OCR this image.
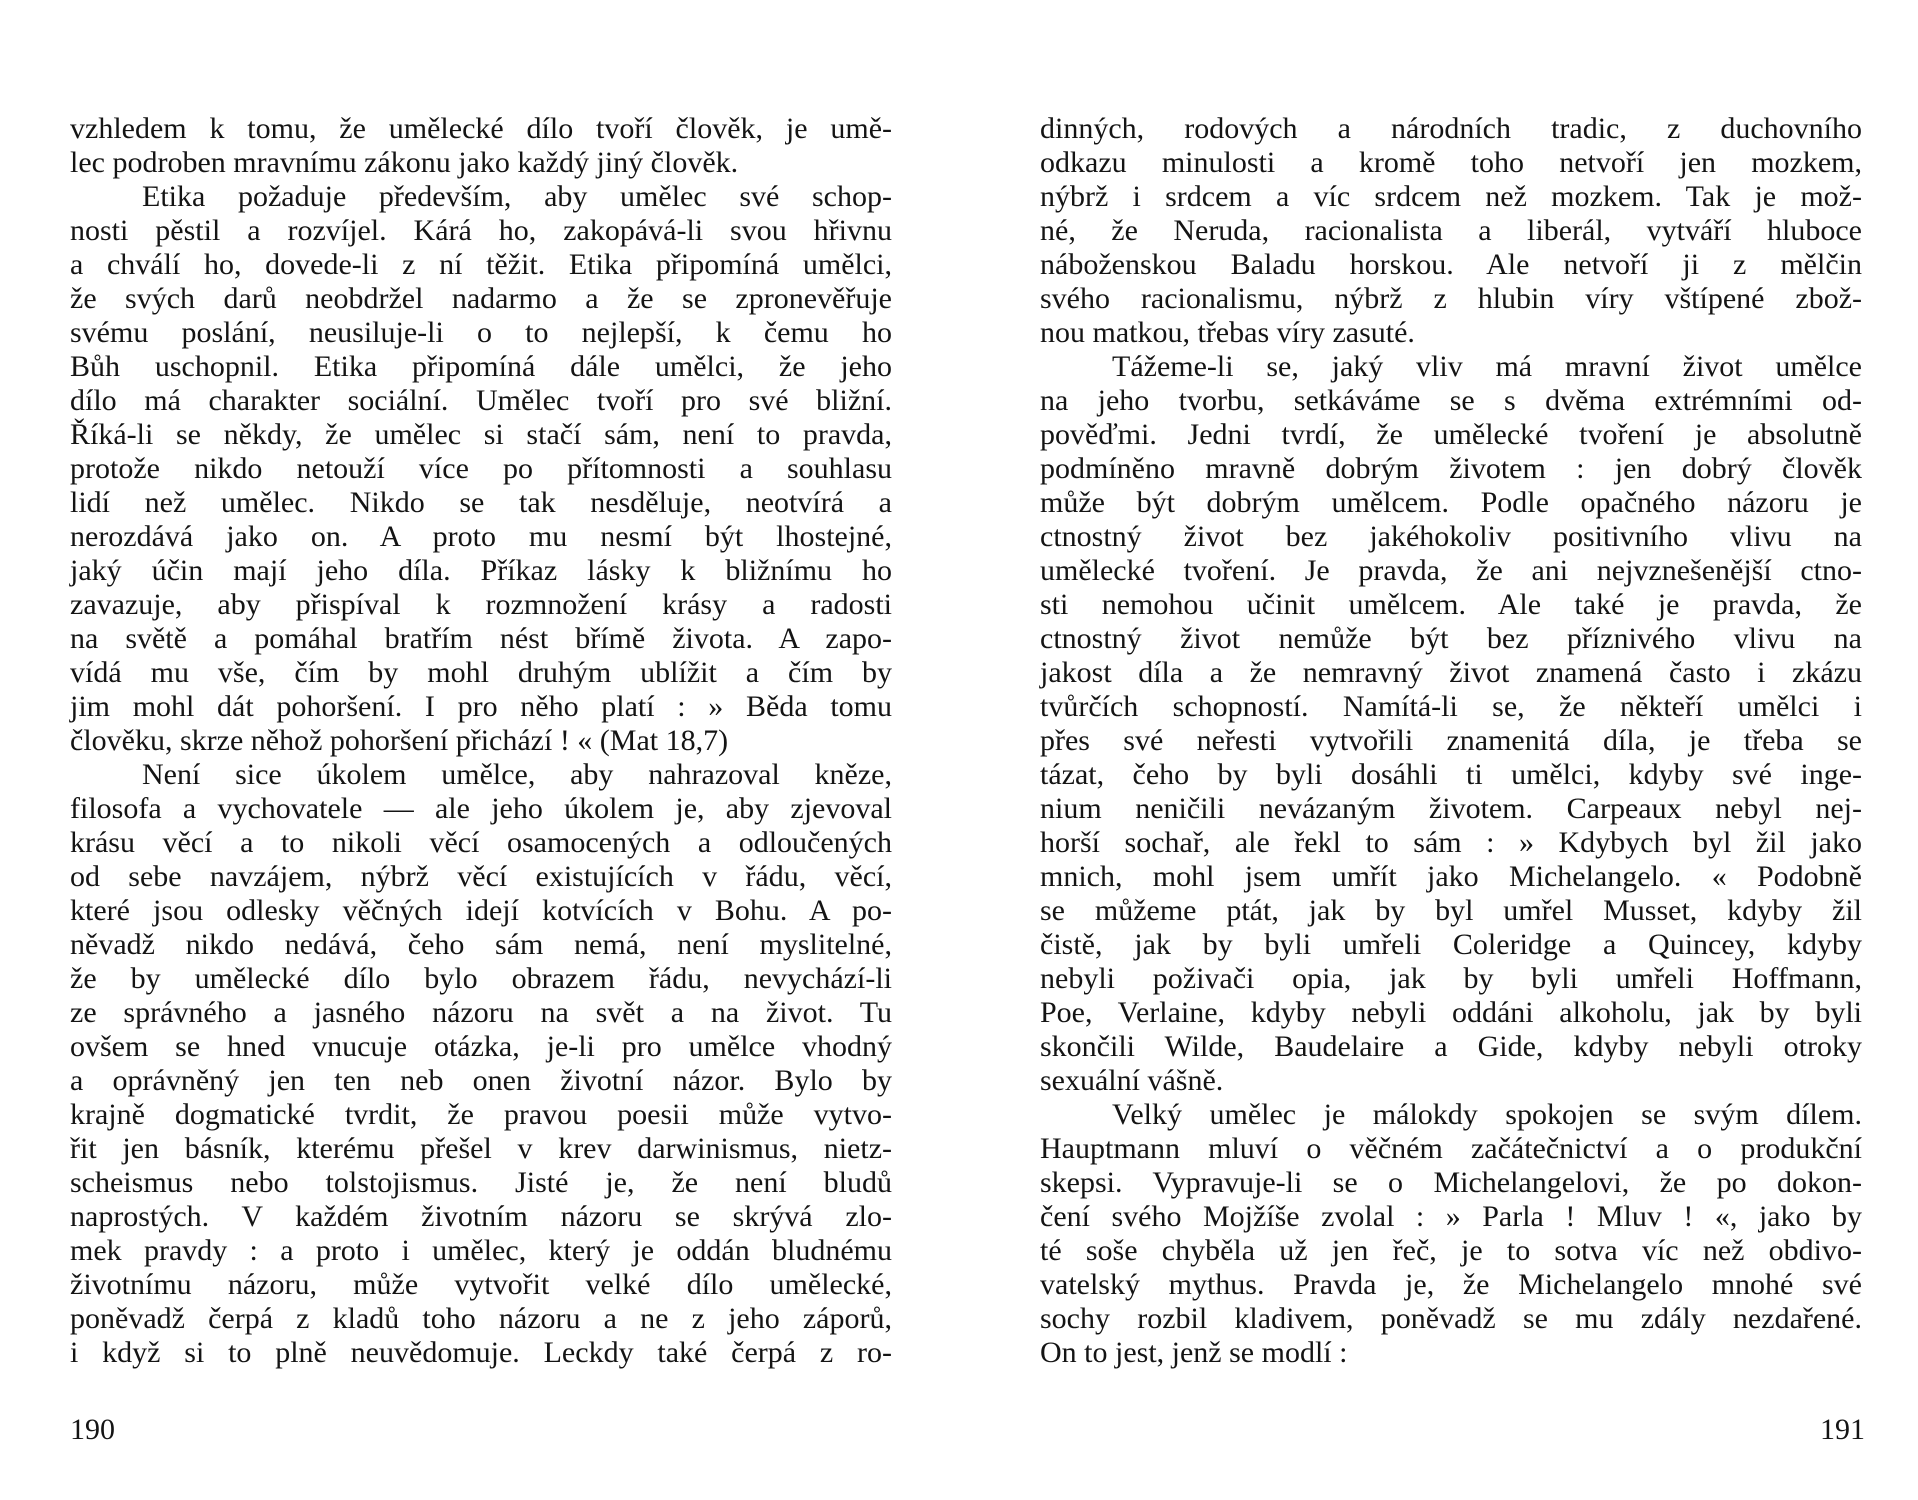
vzhledem k tomu, že umělecké dílo tvoří člověk, je umě-
lec podroben mravnímu zákonu jako každý jiný člověk.
Etika požaduje především, aby umělec své schop-
nosti pěstil a rozvíjel. Kárá ho, zakopává-li svou hřivnu
a chválí ho, dovede-li z ní těžit. Etika připomíná umělci,
že svých darů neobdržel nadarmo a že se zpronevěřuje
svému poslání, neusiluje-li o to nejlepší, k čemu ho
Bůh uschopnil. Etika připomíná dále umělci, že jeho
dílo má charakter sociální. Umělec tvoří pro své bližní.
Říká-li se někdy, že umělec si stačí sám, není to pravda,
protože nikdo netouží více po přítomnosti a souhlasu
lidí než umělec. Nikdo se tak nesděluje, neotvírá a
nerozdává jako on. A proto mu nesmí být lhostejné,
jaký účin mají jeho díla. Příkaz lásky k bližnímu ho
zavazuje, aby přispíval k rozmnožení krásy a radosti
na světě a pomáhal bratřím nést břímě života. A zapo-
vídá mu vše, čím by mohl druhým ublížit a čím by
jim mohl dát pohoršení. I pro něho platí : » Běda tomu
člověku, skrze něhož pohoršení přichází ! « (Mat 18,7)
Není sice úkolem umělce, aby nahrazoval kněze,
filosofa a vychovatele — ale jeho úkolem je, aby zjevoval
krásu věcí a to nikoli věcí osamocených a odloučených
od sebe navzájem, nýbrž věcí existujících v řádu, věcí,
které jsou odlesky věčných idejí kotvících v Bohu. A po-
něvadž nikdo nedává, čeho sám nemá, není myslitelné,
že by umělecké dílo bylo obrazem řádu, nevychází-li
ze správného a jasného názoru na svět a na život. Tu
ovšem se hned vnucuje otázka, je-li pro umělce vhodný
a oprávněný jen ten neb onen životní názor. Bylo by
krajně dogmatické tvrdit, že pravou poesii může vytvo-
řit jen básník, kterému přešel v krev darwinismus, nietz-
scheismus nebo tolstojismus. Jisté je, že není bludů
naprostých. V každém životním názoru se skrývá zlo-
mek pravdy : a proto i umělec, který je oddán bludnému
životnímu názoru, může vytvořit velké dílo umělecké,
poněvadž čerpá z kladů toho názoru a ne z jeho záporů,
i když si to plně neuvědomuje. Leckdy také čerpá z ro-
dinných, rodových a národních tradic, z duchovního
odkazu minulosti a kromě toho netvoří jen mozkem,
nýbrž i srdcem a víc srdcem než mozkem. Tak je mož-
né, že Neruda, racionalista a liberál, vytváří hluboce
náboženskou Baladu horskou. Ale netvoří ji z mělčin
svého racionalismu, nýbrž z hlubin víry vštípené zbož-
nou matkou, třebas víry zasuté.
Tážeme-li se, jaký vliv má mravní život umělce
na jeho tvorbu, setkáváme se s dvěma extrémními od-
pověďmi. Jedni tvrdí, že umělecké tvoření je absolutně
podmíněno mravně dobrým životem : jen dobrý člověk
může být dobrým umělcem. Podle opačného názoru je
ctnostný život bez jakéhokoliv positivního vlivu na
umělecké tvoření. Je pravda, že ani nejvznešenější ctno-
sti nemohou učinit umělcem. Ale také je pravda, že
ctnostný život nemůže být bez příznivého vlivu na
jakost díla a že nemravný život znamená často i zkázu
tvůrčích schopností. Namítá-li se, že někteří umělci i
přes své neřesti vytvořili znamenitá díla, je třeba se
tázat, čeho by byli dosáhli ti umělci, kdyby své inge-
nium neničili nevázaným životem. Carpeaux nebyl nej-
horší sochař, ale řekl to sám : » Kdybych byl žil jako
mnich, mohl jsem umřít jako Michelangelo. « Podobně
se můžeme ptát, jak by byl umřel Musset, kdyby žil
čistě, jak by byli umřeli Coleridge a Quincey, kdyby
nebyli poživači opia, jak by byli umřeli Hoffmann,
Poe, Verlaine, kdyby nebyli oddáni alkoholu, jak by byli
skončili Wilde, Baudelaire a Gide, kdyby nebyli otroky
sexuální vášně.
Velký umělec je málokdy spokojen se svým dílem.
Hauptmann mluví o věčném začátečnictví a o produkční
skepsi. Vypravuje-li se o Michelangelovi, že po dokon-
čení svého Mojžíše zvolal : » Parla ! Mluv ! «, jako by
té soše chyběla už jen řeč, je to sotva víc než obdivo-
vatelský mythus. Pravda je, že Michelangelo mnohé své
sochy rozbil kladivem, poněvadž se mu zdály nezdařené.
On to jest, jenž se modlí :
190	191
